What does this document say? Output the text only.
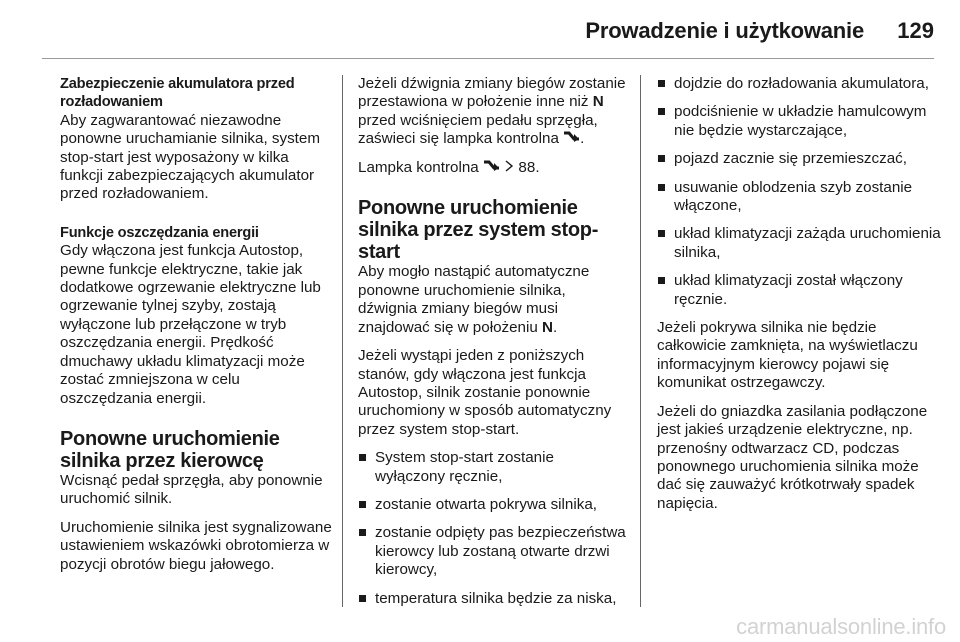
Prowadzenie i użytkowanie 129

Zabezpieczenie akumulatora przed rozładowaniem

Aby zagwarantować niezawodne ponowne uruchamianie silnika, system stop-start jest wyposażony w kilka funkcji zabezpieczających akumulator przed rozładowaniem.

Funkcje oszczędzania energii

Gdy włączona jest funkcja Autostop, pewne funkcje elektryczne, takie jak dodatkowe ogrzewanie elektryczne lub ogrzewanie tylnej szyby, zostają wyłączone lub przełączone w tryb oszczędzania energii. Prędkość dmuchawy układu klimatyzacji może zostać zmniejszona w celu oszczędzania energii.

Ponowne uruchomienie silnika przez kierowcę

Wcisnąć pedał sprzęgła, aby ponownie uruchomić silnik.

Uruchomienie silnika jest sygnalizowane ustawieniem wskazówki obrotomierza w pozycji obrotów biegu jałowego.

Jeżeli dźwignia zmiany biegów zostanie przestawiona w położenie inne niż N przed wciśnięciem pedału sprzęgła, zaświeci się lampka kontrolna .

Lampka kontrolna   88.

Ponowne uruchomienie silnika przez system stop-start

Aby mogło nastąpić automatyczne ponowne uruchomienie silnika, dźwignia zmiany biegów musi znajdować się w położeniu N.

Jeżeli wystąpi jeden z poniższych stanów, gdy włączona jest funkcja Autostop, silnik zostanie ponownie uruchomiony w sposób automatyczny przez system stop-start.

System stop-start zostanie wyłączony ręcznie,
zostanie otwarta pokrywa silnika,
zostanie odpięty pas bezpieczeństwa kierowcy lub zostaną otwarte drzwi kierowcy,
temperatura silnika będzie za niska,
dojdzie do rozładowania akumulatora,
podciśnienie w układzie hamulcowym nie będzie wystarczające,
pojazd zacznie się przemieszczać,
usuwanie oblodzenia szyb zostanie włączone,
układ klimatyzacji zażąda uruchomienia silnika,
układ klimatyzacji został włączony ręcznie.

Jeżeli pokrywa silnika nie będzie całkowicie zamknięta, na wyświetlaczu informacyjnym kierowcy pojawi się komunikat ostrzegawczy.

Jeżeli do gniazdka zasilania podłączone jest jakieś urządzenie elektryczne, np. przenośny odtwarzacz CD, podczas ponownego uruchomienia silnika może dać się zauważyć krótkotrwały spadek napięcia.

carmanualsonline.info
